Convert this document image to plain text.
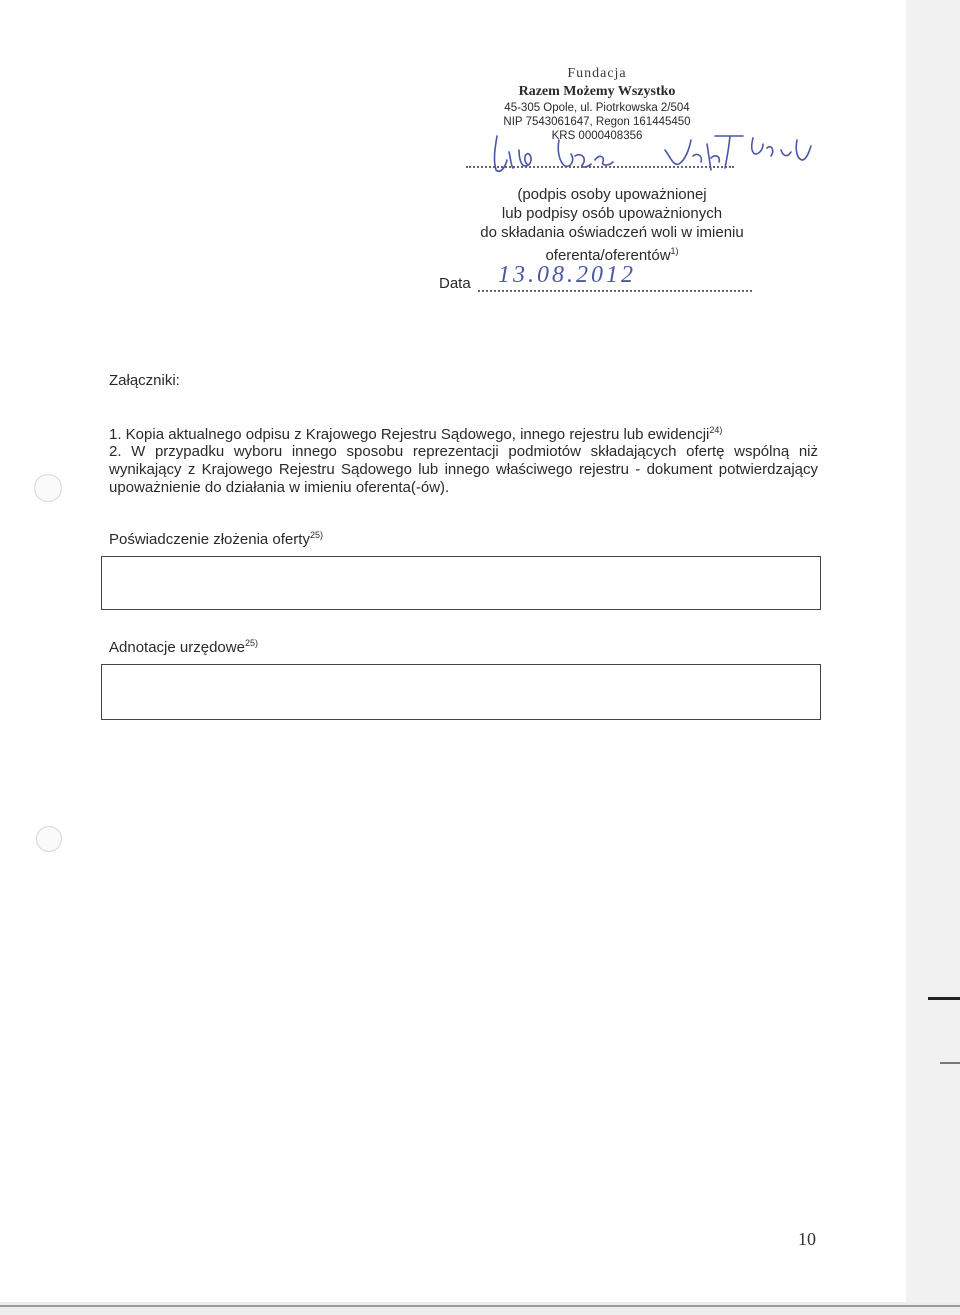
Fundacja
Razem Możemy Wszystko
45-305 Opole, ul. Piotrkowska 2/504
NIP 7543061647, Regon 161445450
KRS 0000408356
(podpis osoby upoważnionej
lub podpisy osób upoważnionych
do składania oświadczeń woli w imieniu
oferenta/oferentów$^{1)}$
Data 13.08.2012
Załączniki:
1. Kopia aktualnego odpisu z Krajowego Rejestru Sądowego, innego rejestru lub ewidencji$^{24)}$
2. W przypadku wyboru innego sposobu reprezentacji podmiotów składających ofertę wspólną niż wynikający z Krajowego Rejestru Sądowego lub innego właściwego rejestru - dokument potwierdzający upoważnienie do działania w imieniu oferenta(-ów).
Poświadczenie złożenia oferty$^{25)}$
Adnotacje urzędowe$^{25)}$
10
